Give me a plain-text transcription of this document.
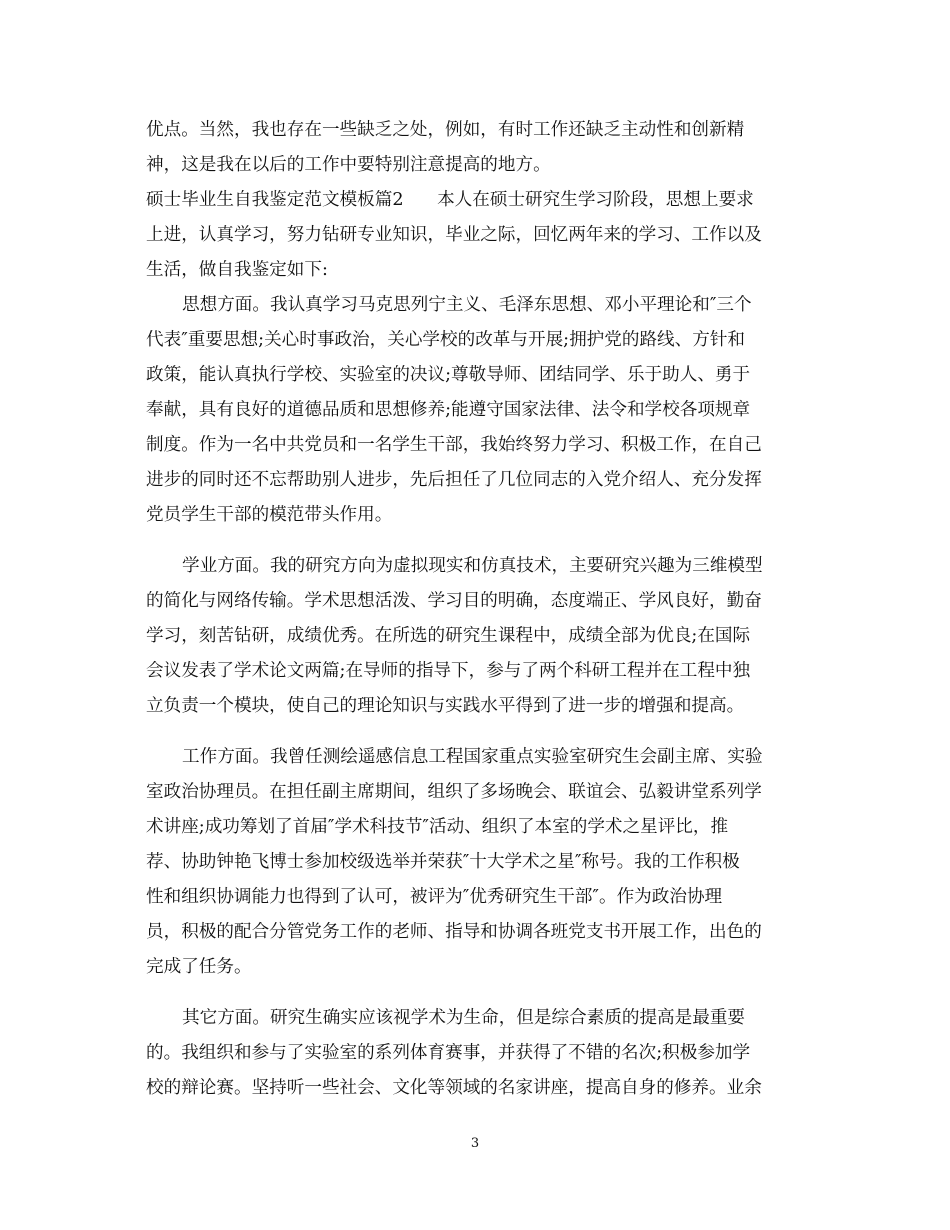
优点。当然，我也存在一些缺乏之处，例如，有时工作还缺乏主动性和创新精
神，这是我在以后的工作中要特别注意提高的地方。
硕士毕业生自我鉴定范文模板篇2      本人在硕士研究生学习阶段，思想上要求
上进，认真学习，努力钻研专业知识，毕业之际，回忆两年来的学习、工作以及
生活，做自我鉴定如下:
思想方面。我认真学习马克思列宁主义、毛泽东思想、邓小平理论和″三个
代表″重要思想;关心时事政治，关心学校的改革与开展;拥护党的路线、方针和
政策，能认真执行学校、实验室的决议;尊敬导师、团结同学、乐于助人、勇于
奉献，具有良好的道德品质和思想修养;能遵守国家法律、法令和学校各项规章
制度。作为一名中共党员和一名学生干部，我始终努力学习、积极工作，在自己
进步的同时还不忘帮助别人进步，先后担任了几位同志的入党介绍人、充分发挥
党员学生干部的模范带头作用。
学业方面。我的研究方向为虚拟现实和仿真技术，主要研究兴趣为三维模型
的简化与网络传输。学术思想活泼、学习目的明确，态度端正、学风良好，勤奋
学习，刻苦钻研，成绩优秀。在所选的研究生课程中，成绩全部为优良;在国际
会议发表了学术论文两篇;在导师的指导下，参与了两个科研工程并在工程中独
立负责一个模块，使自己的理论知识与实践水平得到了进一步的增强和提高。
工作方面。我曾任测绘遥感信息工程国家重点实验室研究生会副主席、实验
室政治协理员。在担任副主席期间，组织了多场晚会、联谊会、弘毅讲堂系列学
术讲座;成功筹划了首届″学术科技节″活动、组织了本室的学术之星评比，推
荐、协助钟艳飞博士参加校级选举并荣获″十大学术之星″称号。我的工作积极
性和组织协调能力也得到了认可，被评为″优秀研究生干部″。作为政治协理
员，积极的配合分管党务工作的老师、指导和协调各班党支书开展工作，出色的
完成了任务。
其它方面。研究生确实应该视学术为生命，但是综合素质的提高是最重要
的。我组织和参与了实验室的系列体育赛事，并获得了不错的名次;积极参加学
校的辩论赛。坚持听一些社会、文化等领域的名家讲座，提高自身的修养。业余
3
